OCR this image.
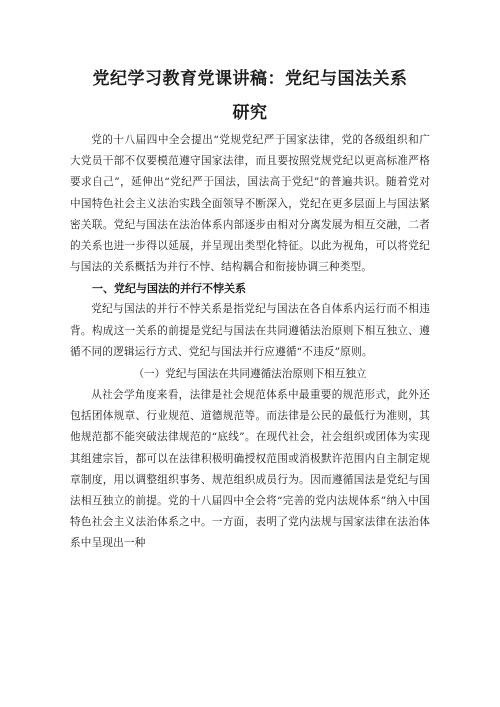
党纪学习教育党课讲稿：党纪与国法关系
研究

党的十八届四中全会提出“党规党纪严于国家法律，党的各级组织和广大党员干部不仅要模范遵守国家法律，而且要按照党规党纪以更高标准严格要求自己”，延伸出“党纪严于国法，国法高于党纪”的普遍共识。随着党对中国特色社会主义法治实践全面领导不断深入，党纪在更多层面上与国法紧密关联。党纪与国法在法治体系内部逐步由相对分离发展为相互交融，二者的关系也进一步得以延展，并呈现出类型化特征。以此为视角，可以将党纪与国法的关系概括为并行不悖、结构耦合和衔接协调三种类型。

一、党纪与国法的并行不悖关系

党纪与国法的并行不悖关系是指党纪与国法在各自体系内运行而不相违背。构成这一关系的前提是党纪与国法在共同遵循法治原则下相互独立、遵循不同的逻辑运行方式、党纪与国法并行应遵循“不违反”原则。

（一）党纪与国法在共同遵循法治原则下相互独立

从社会学角度来看，法律是社会规范体系中最重要的规范形式，此外还包括团体规章、行业规范、道德规范等。而法律是公民的最低行为准则，其他规范都不能突破法律规范的“底线”。在现代社会，社会组织或团体为实现其组建宗旨，都可以在法律积极明确授权范围或消极默许范围内自主制定规章制度，用以调整组织事务、规范组织成员行为。因而遵循国法是党纪与国法相互独立的前提。党的十八届四中全会将“完善的党内法规体系”纳入中国特色社会主义法治体系之中。一方面，表明了党内法规与国家法律在法治体系中呈现出一种
